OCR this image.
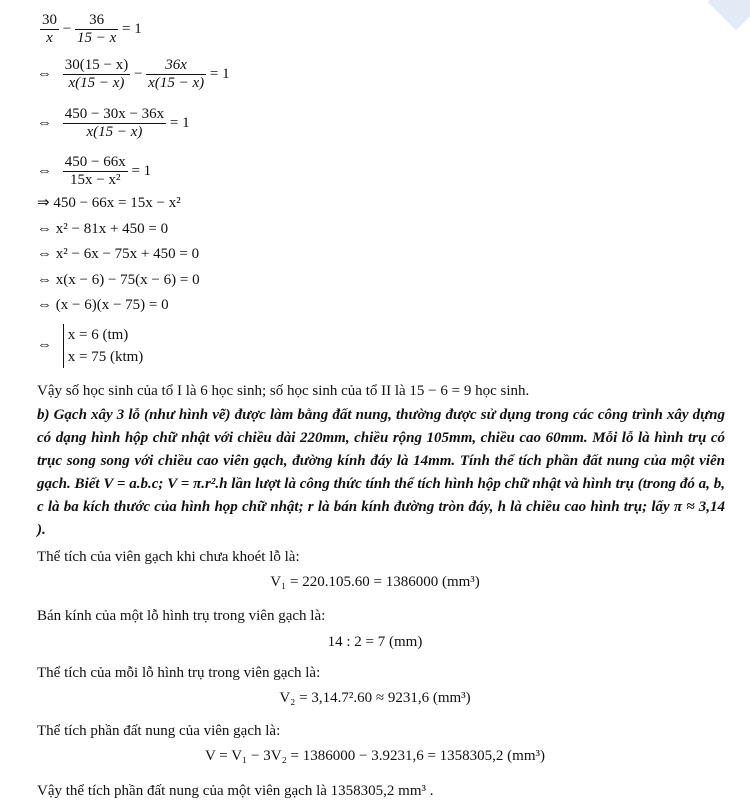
$\frac{30}{x} - \frac{36}{15 - x} = 1$
⇔ $\frac{30(15 - x)}{x(15 - x)} - \frac{36x}{x(15 - x)} = 1$
⇔ $\frac{450 - 30x - 36x}{x(15 - x)} = 1$
⇔ $\frac{450 - 66x}{\text{15x − x²}} = 1$
⇒ 450 − 66x = 15x − x²
⇔ x² − 81x + 450 = 0
⇔ x² − 6x − 75x + 450 = 0
⇔ x(x − 6) − 75(x − 6) = 0
⇔ (x − 6)(x − 75) = 0
⇔
x = 6 (tm)
x = 75 (ktm)
Vậy số học sinh của tổ I là 6 học sinh; số học sinh của tổ II là 15 − 6 = 9 học sinh.
b) Gạch xây 3 lỗ (như hình vẽ) được làm bằng đất nung, thường được sử dụng trong các công trình xây dựng có dạng hình hộp chữ nhật với chiều dài 220mm, chiều rộng 105mm, chiều cao 60mm. Mỗi lỗ là hình trụ có trục song song với chiều cao viên gạch, đường kính đáy là 14mm. Tính thể tích phần đất nung của một viên gạch. Biết V = a.b.c; V = π.r².h lần lượt là công thức tính thể tích hình hộp chữ nhật và hình trụ (trong đó a, b, c là ba kích thước của hình họp chữ nhật; r là bán kính đường tròn đáy, h là chiều cao hình trụ; lấy π ≈ 3,14 ).
Thể tích của viên gạch khi chưa khoét lỗ là:
V₁ = 220.105.60 = 1386000 (mm³)
Bán kính của một lỗ hình trụ trong viên gạch là:
14 : 2 = 7 (mm)
Thể tích của mỗi lỗ hình trụ trong viên gạch là:
V₂ = 3,14.7².60 ≈ 9231,6 (mm³)
Thể tích phần đất nung của viên gạch là:
V = V₁ − 3V₂ = 1386000 − 3.9231,6 = 1358305,2 (mm³)
Vậy thể tích phần đất nung của một viên gạch là 1358305,2 mm³ .
